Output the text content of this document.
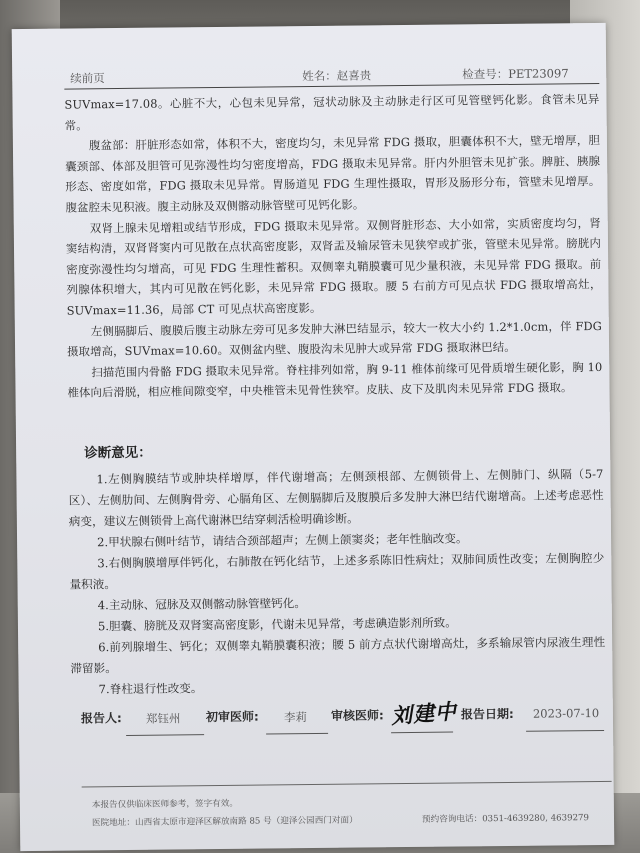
续前页	姓名：赵喜贵	检查号：PET23097

SUVmax=17.08。心脏不大，心包未见异常，冠状动脉及主动脉走行区可见管壁钙化影。食管未见异常。

腹盆部：肝脏形态如常，体积不大，密度均匀，未见异常 FDG 摄取，胆囊体积不大，壁无增厚，胆囊颈部、体部及胆管可见弥漫性均匀密度增高，FDG 摄取未见异常。肝内外胆管未见扩张。脾脏、胰腺形态、密度如常，FDG 摄取未见异常。胃肠道见 FDG 生理性摄取，胃形及肠形分布，管壁未见增厚。腹盆腔未见积液。腹主动脉及双侧髂动脉管壁可见钙化影。

双肾上腺未见增粗或结节形成，FDG 摄取未见异常。双侧肾脏形态、大小如常，实质密度均匀，肾窦结构清，双肾肾窦内可见散在点状高密度影，双肾盂及输尿管未见狭窄或扩张，管壁未见异常。膀胱内密度弥漫性均匀增高，可见 FDG 生理性蓄积。双侧睾丸鞘膜囊可见少量积液，未见异常 FDG 摄取。前列腺体积增大，其内可见散在钙化影，未见异常 FDG 摄取。腰 5 右前方可见点状 FDG 摄取增高灶，SUVmax=11.36，局部 CT 可见点状高密度影。

左侧膈脚后、腹膜后腹主动脉左旁可见多发肿大淋巴结显示，较大一枚大小约 1.2*1.0cm，伴 FDG 摄取增高，SUVmax=10.60。双侧盆内壁、腹股沟未见肿大或异常 FDG 摄取淋巴结。

扫描范围内骨骼 FDG 摄取未见异常。脊柱排列如常，胸 9-11 椎体前缘可见骨质增生硬化影，胸 10 椎体向后滑脱，相应椎间隙变窄，中央椎管未见骨性狭窄。皮肤、皮下及肌肉未见异常 FDG 摄取。

诊断意见：

1.左侧胸膜结节或肿块样增厚，伴代谢增高；左侧颈根部、左侧锁骨上、左侧肺门、纵隔（5-7区）、左侧肋间、左侧胸骨旁、心膈角区、左侧膈脚后及腹膜后多发肿大淋巴结代谢增高。上述考虑恶性病变，建议左侧锁骨上高代谢淋巴结穿刺活检明确诊断。

2.甲状腺右侧叶结节，请结合颈部超声；左侧上颌窦炎；老年性脑改变。

3.右侧胸膜增厚伴钙化，右肺散在钙化结节，上述多系陈旧性病灶；双肺间质性改变；左侧胸腔少量积液。

4.主动脉、冠脉及双侧髂动脉管壁钙化。

5.胆囊、膀胱及双肾窦高密度影，代谢未见异常，考虑碘造影剂所致。

6.前列腺增生、钙化；双侧睾丸鞘膜囊积液；腰 5 前方点状代谢增高灶，多系输尿管内尿液生理性滞留影。

7.脊柱退行性改变。

报告人: 郑钰州 初审医师: 李莉 审核医师: 刘建中 报告日期: 2023-07-10
本报告仅供临床医师参考，签字有效。
医院地址：山西省太原市迎泽区解放南路 85 号（迎泽公园西门对面）	预约咨询电话：0351-4639280, 4639279
